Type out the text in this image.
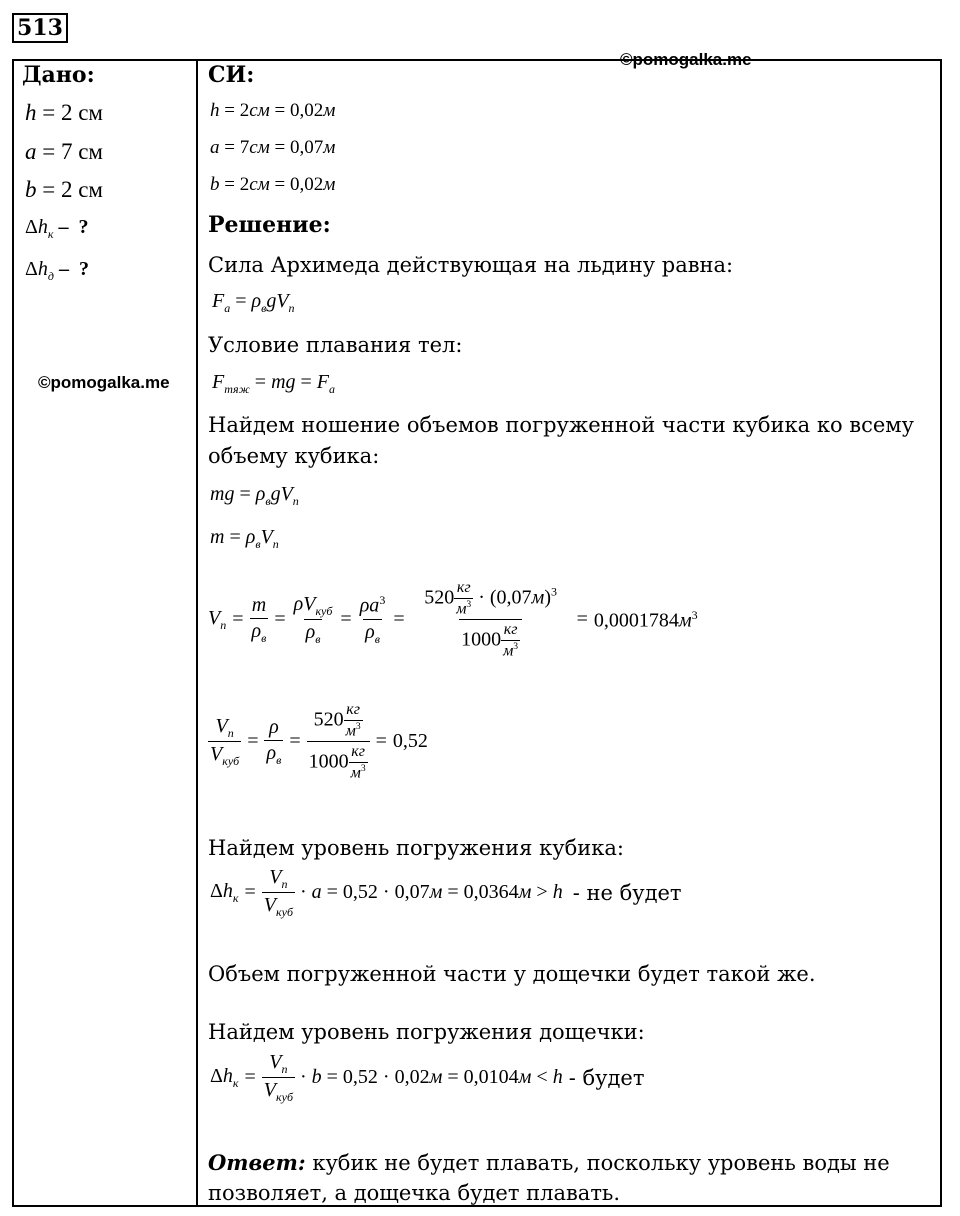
513
©pomogalka.me
Дано:
h = 2 см
a = 7 см
b = 2 см
$\Delta h_к$ – ?
$\Delta h_д$ – ?
©pomogalka.me
СИ:
h = 2см = 0,02м
a = 7см = 0,07м
b = 2см = 0,02м
Решение:
Сила Архимеда действующая на льдину равна:
$F_a = \rho_вgV_п$
Условие плавания тел:
$F_{тяж}$ = mg = $F_a$
Найдем ношение объемов погруженной части кубика ко всему
объему кубика:
mg = $\rho_вgV_п$
$m = \rho_вV_п$
$V_п = \frac{m}{\rho_в} = \frac{\rho V_{куб}}{\rho_в} = \frac{\rho a^3}{\rho_в} = \frac{520 \frac{кг}{м^3} \cdot (0,07м)^3}{1000 \frac{кг}{м^3}} = 0,0001784м^3$
$\frac{V_п}{V_{куб}} = \frac{\rho}{\rho_в} = \frac{520 \frac{кг}{м^3}}{1000 \frac{кг}{м^3}} = 0,52$
Найдем уровень погружения кубика:
$\Delta h_к = \frac{V_п}{V_{куб}} \cdot a = 0,52 \cdot 0,07м = 0,0364м > h$ - не будет
Объем погруженной части у дощечки будет такой же.
Найдем уровень погружения дощечки:
$\Delta h_к = \frac{V_п}{V_{куб}} \cdot b = 0,52 \cdot 0,02м = 0,0104м < h$ - будет
Ответ: кубик не будет плавать, поскольку уровень воды не
позволяет, а дощечка будет плавать.
